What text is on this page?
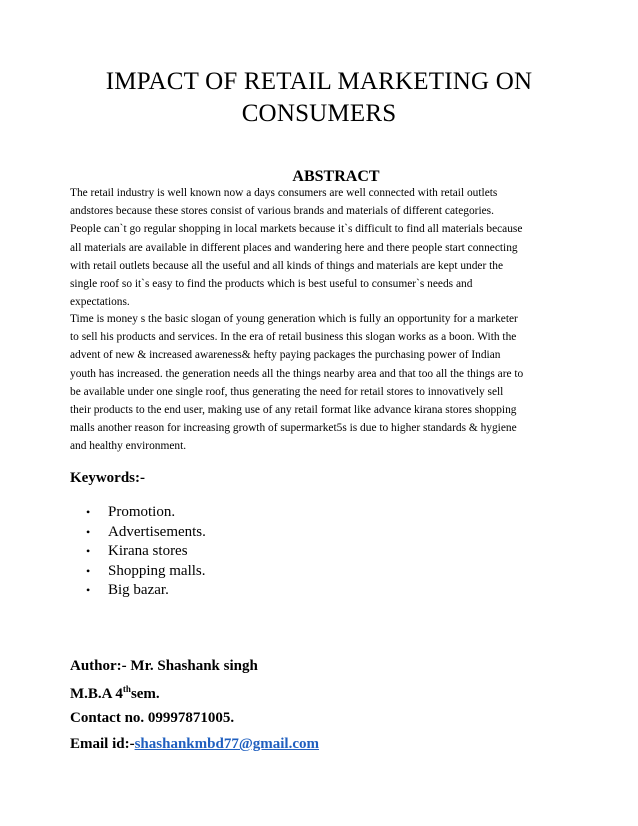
IMPACT OF RETAIL MARKETING ON
CONSUMERS
ABSTRACT
The retail industry is well known now a days consumers are well connected with retail outlets
andstores because these stores consist of various brands and materials of different categories.
People can`t go regular shopping in local markets because it`s difficult to find all materials because
all materials are available in different places and wandering here and there people start connecting
with retail outlets because all the useful and all kinds of things and materials are kept under the
single roof so it`s easy to find the products which is best useful to consumer`s needs and
expectations.
Time is money s the basic slogan of young generation which is fully an opportunity for a marketer
to sell his products and services. In the era of retail business this slogan works as a boon. With the
advent of new & increased awareness& hefty paying packages the purchasing power of Indian
youth has increased. the generation needs all the things nearby area and that too all the things are to
be available under one single roof, thus generating the need for retail stores to innovatively sell
their products to the end user, making use of any retail format like advance kirana stores shopping
malls another reason for increasing growth of supermarket5s is due to higher standards & hygiene
and healthy environment.
Keywords:-
• Promotion.
• Advertisements.
• Kirana stores
• Shopping malls.
• Big bazar.
Author:- Mr. Shashank singh
M.B.A 4thsem.
Contact no. 09997871005.
Email id:-shashankmbd77@gmail.com
